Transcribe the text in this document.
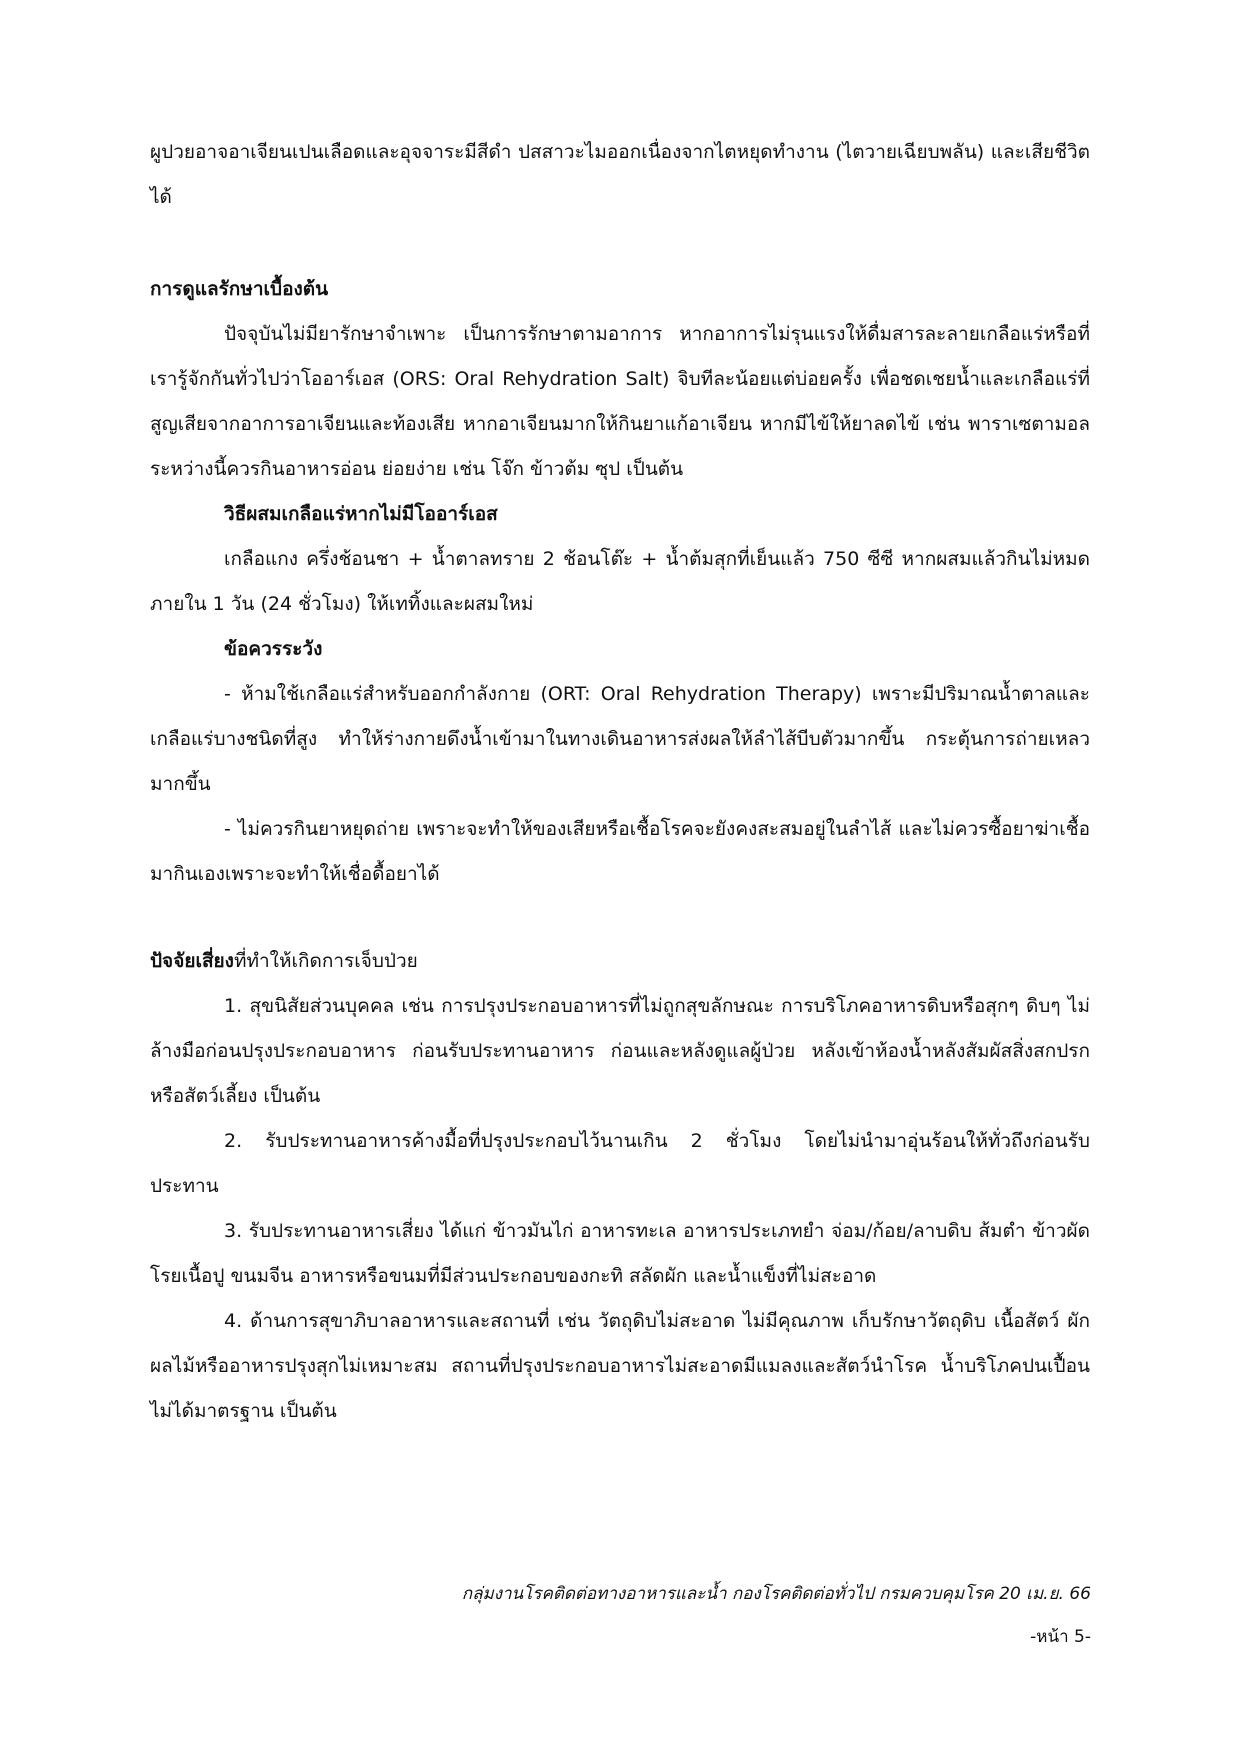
ผูปวยอาจอาเจียนเปนเลือดและอุจจาระมีสีดำ ปสสาวะไมออกเนื่องจากไตหยุดทำงาน (ไตวายเฉียบพลัน) และเสียชีวิตได้

การดูแลรักษาเบื้องต้น

ปัจจุบันไม่มียารักษาจำเพาะ เป็นการรักษาตามอาการ หากอาการไม่รุนแรงให้ดื่มสารละลายเกลือแร่หรือที่เรารู้จักกันทั่วไปว่าโออาร์เอส (ORS: Oral Rehydration Salt) จิบทีละน้อยแต่บ่อยครั้ง เพื่อชดเชยน้ำและเกลือแร่ที่สูญเสียจากอาการอาเจียนและท้องเสีย หากอาเจียนมากให้กินยาแก้อาเจียน หากมีไข้ให้ยาลดไข้ เช่น พาราเซตามอล ระหว่างนี้ควรกินอาหารอ่อน ย่อยง่าย เช่น โจ๊ก ข้าวต้ม ซุป เป็นต้น

วิธีผสมเกลือแร่หากไม่มีโออาร์เอส

เกลือแกง ครึ่งช้อนชา + น้ำตาลทราย 2 ช้อนโต๊ะ + น้ำต้มสุกที่เย็นแล้ว 750 ซีซี หากผสมแล้วกินไม่หมดภายใน 1 วัน (24 ชั่วโมง) ให้เททิ้งและผสมใหม่

ข้อควรระวัง

- ห้ามใช้เกลือแร่สำหรับออกกำลังกาย (ORT: Oral Rehydration Therapy) เพราะมีปริมาณน้ำตาลและเกลือแร่บางชนิดที่สูง ทำให้ร่างกายดึงน้ำเข้ามาในทางเดินอาหารส่งผลให้ลำไส้บีบตัวมากขึ้น กระตุ้นการถ่ายเหลวมากขึ้น

- ไม่ควรกินยาหยุดถ่าย เพราะจะทำให้ของเสียหรือเชื้อโรคจะยังคงสะสมอยู่ในลำไส้ และไม่ควรซื้อยาฆ่าเชื้อมากินเองเพราะจะทำให้เชื่อดื้อยาได้

ปัจจัยเสี่ยงที่ทำให้เกิดการเจ็บป่วย

1. สุขนิสัยส่วนบุคคล เช่น การปรุงประกอบอาหารที่ไม่ถูกสุขลักษณะ การบริโภคอาหารดิบหรือสุกๆ ดิบๆ ไม่ล้างมือก่อนปรุงประกอบอาหาร ก่อนรับประทานอาหาร ก่อนและหลังดูแลผู้ป่วย หลังเข้าห้องน้ำหลังสัมผัสสิ่งสกปรกหรือสัตว์เลี้ยง เป็นต้น

2. รับประทานอาหารค้างมื้อที่ปรุงประกอบไว้นานเกิน 2 ชั่วโมง โดยไม่นำมาอุ่นร้อนให้ทั่วถึงก่อนรับประทาน

3. รับประทานอาหารเสี่ยง ได้แก่ ข้าวมันไก่ อาหารทะเล อาหารประเภทยำ จ่อม/ก้อย/ลาบดิบ ส้มตำ ข้าวผัดโรยเนื้อปู ขนมจีน อาหารหรือขนมที่มีส่วนประกอบของกะทิ สลัดผัก และน้ำแข็งที่ไม่สะอาด

4. ด้านการสุขาภิบาลอาหารและสถานที่ เช่น วัตถุดิบไม่สะอาด ไม่มีคุณภาพ เก็บรักษาวัตถุดิบ เนื้อสัตว์ ผัก ผลไม้หรืออาหารปรุงสุกไม่เหมาะสม สถานที่ปรุงประกอบอาหารไม่สะอาดมีแมลงและสัตว์นำโรค น้ำบริโภคปนเปื้อน ไม่ได้มาตรฐาน เป็นต้น

กลุ่มงานโรคติดต่อทางอาหารและน้ำ กองโรคติดต่อทั่วไป กรมควบคุมโรค 20 เม.ย. 66
-หน้า 5-
